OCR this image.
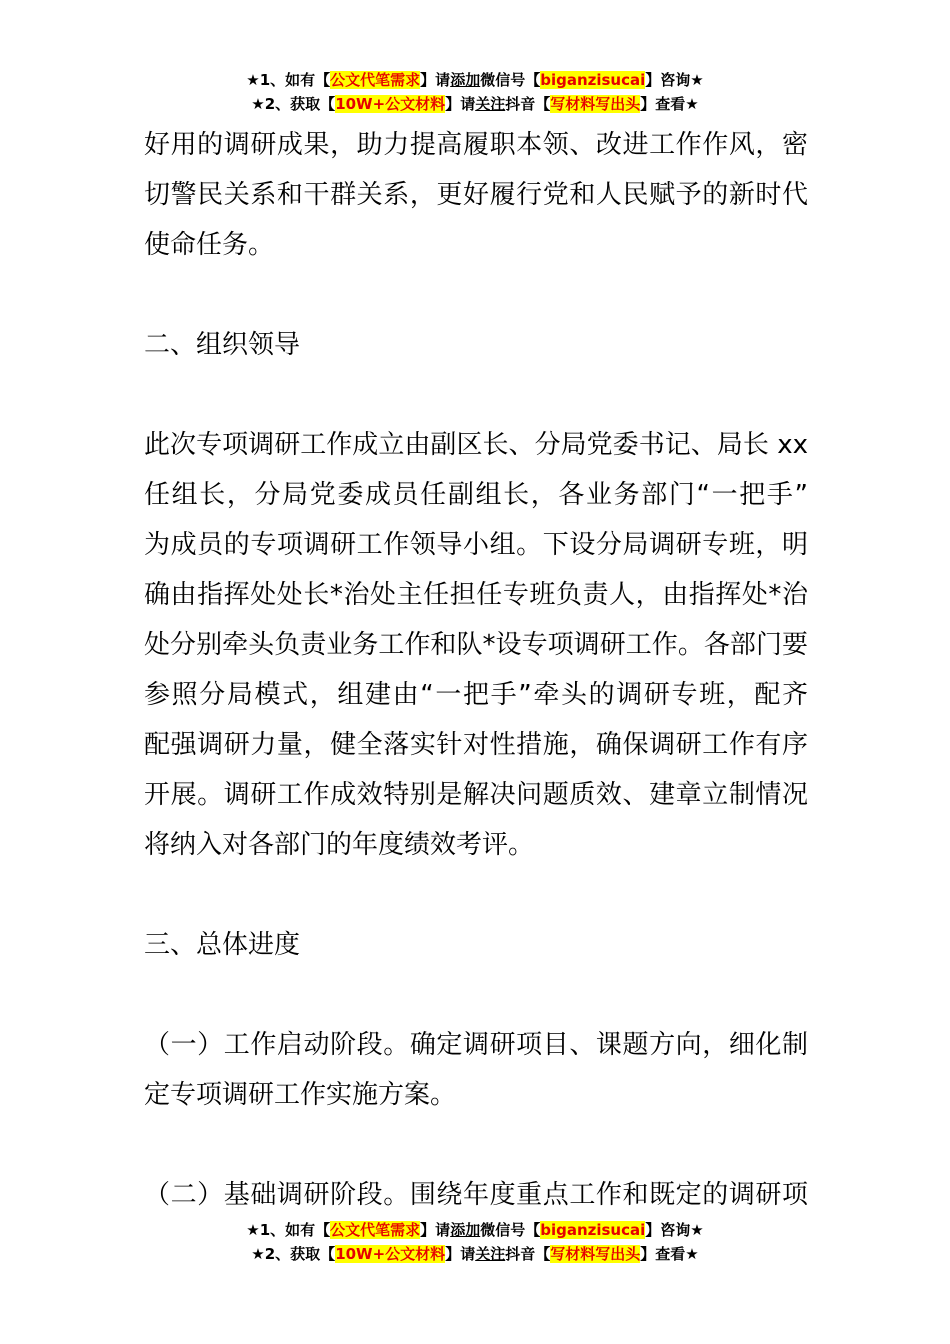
★1、如有【公文代笔需求】请添加微信号【biganzisucai】咨询★
★2、获取【10W+公文材料】请关注抖音【写材料写出头】查看★
好用的调研成果，助力提高履职本领、改进工作作风，密
切警民关系和干群关系，更好履行党和人民赋予的新时代
使命任务。
二、组织领导
此次专项调研工作成立由副区长、分局党委书记、局长 xx
任组长，分局党委成员任副组长，各业务部门“一把手”
为成员的专项调研工作领导小组。下设分局调研专班，明
确由指挥处处长*治处主任担任专班负责人，由指挥处*治
处分别牵头负责业务工作和队*设专项调研工作。各部门要
参照分局模式，组建由“一把手”牵头的调研专班，配齐
配强调研力量，健全落实针对性措施，确保调研工作有序
开展。调研工作成效特别是解决问题质效、建章立制情况
将纳入对各部门的年度绩效考评。
三、总体进度
（一）工作启动阶段。确定调研项目、课题方向，细化制
定专项调研工作实施方案。
（二）基础调研阶段。围绕年度重点工作和既定的调研项
★1、如有【公文代笔需求】请添加微信号【biganzisucai】咨询★
★2、获取【10W+公文材料】请关注抖音【写材料写出头】查看★
